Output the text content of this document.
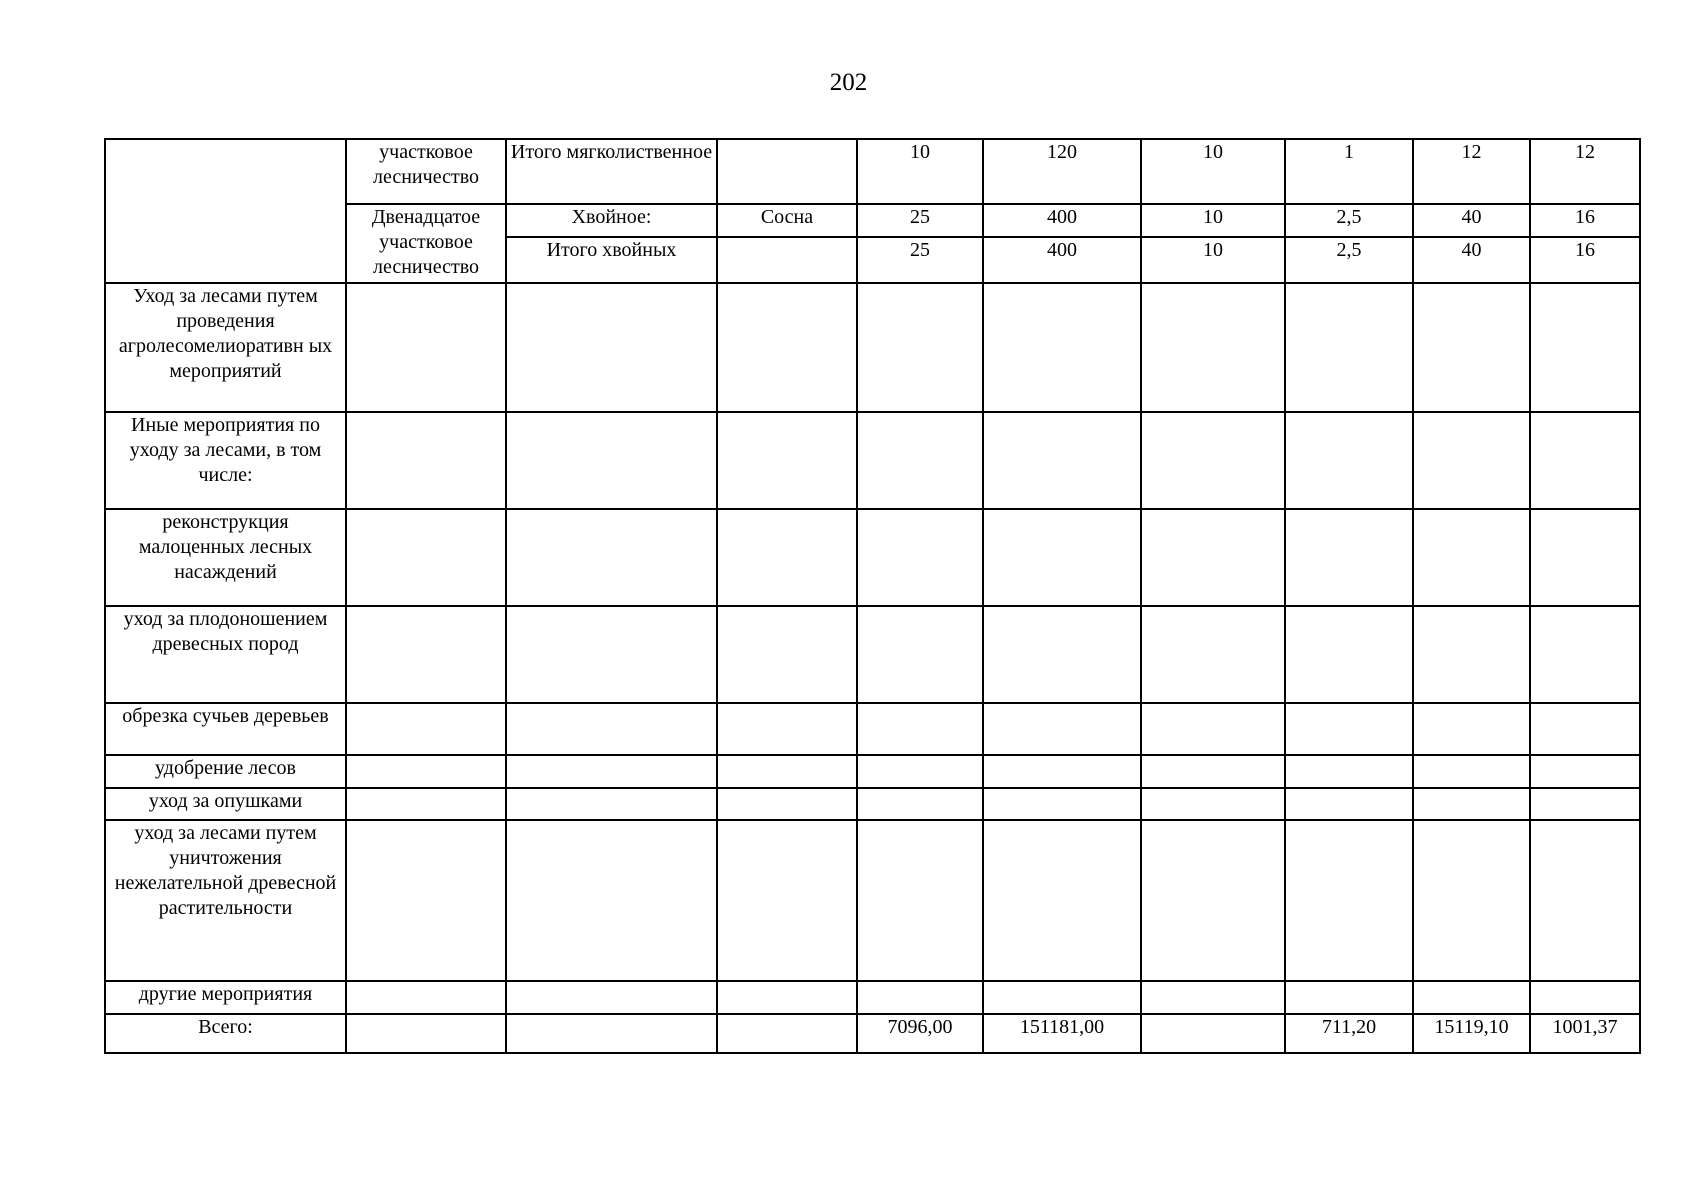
202
	участковое лесничество	Итого мягколиственное		10	120	10	1	12	12
	Двенадцатое участковое лесничество	Хвойное:	Сосна	25	400	10	2,5	40	16
		Итого хвойных		25	400	10	2,5	40	16
Уход за лесами путем проведения агролесомелиоративн ых мероприятий									
Иные мероприятия по уходу за лесами, в том числе:									
реконструкция малоценных лесных насаждений									
уход за плодоношением древесных пород									
обрезка сучьев деревьев									
удобрение лесов									
уход за опушками									
уход за лесами путем уничтожения нежелательной древесной растительности									
другие мероприятия									
Всего:				7096,00	151181,00		711,20	15119,10	1001,37
